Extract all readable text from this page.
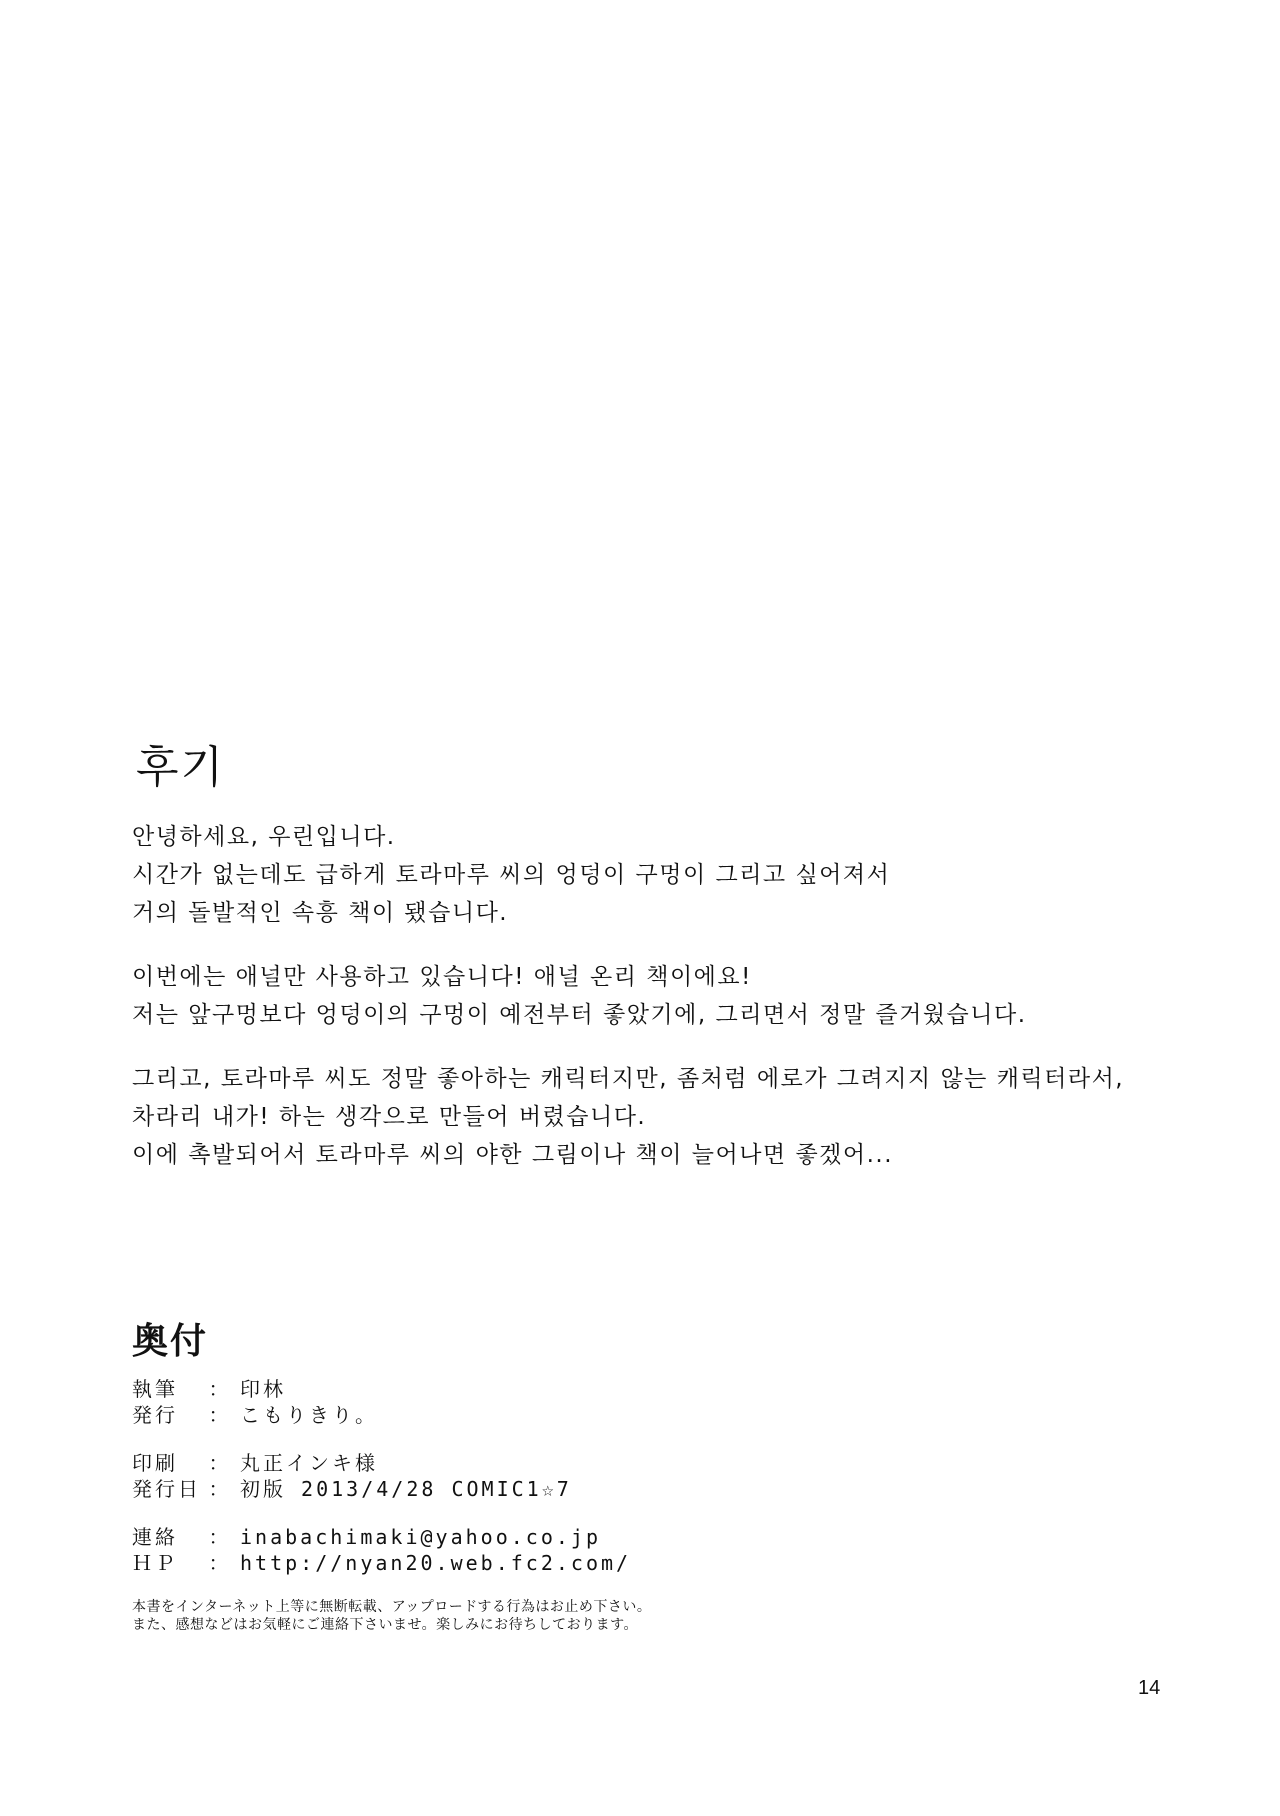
후기
안녕하세요, 우린입니다.
시간가 없는데도 급하게 토라마루 씨의 엉덩이 구멍이 그리고 싶어져서
거의 돌발적인 속흥 책이 됐습니다.
이번에는 애널만 사용하고 있습니다! 애널 온리 책이에요!
저는 앞구멍보다 엉덩이의 구멍이 예전부터 좋았기에, 그리면서 정말 즐거웠습니다.
그리고, 토라마루 씨도 정말 좋아하는 캐릭터지만, 좀처럼 에로가 그려지지 않는 캐릭터라서,
차라리 내가! 하는 생각으로 만들어 버렸습니다.
이에 촉발되어서 토라마루 씨의 야한 그림이나 책이 늘어나면 좋겠어...
奥付
執筆	： 印林
発行	： こもりきり。
印刷	： 丸正インキ様
発行日 ： 初版 2013/4/28 COMIC1☆7
連絡	： inabachimaki@yahoo.co.jp
ＨＰ	： http://nyan20.web.fc2.com/
本書をインターネット上等に無断転載、アップロードする行為はお止め下さい。
また、感想などはお気軽にご連絡下さいませ。楽しみにお待ちしております。
14
